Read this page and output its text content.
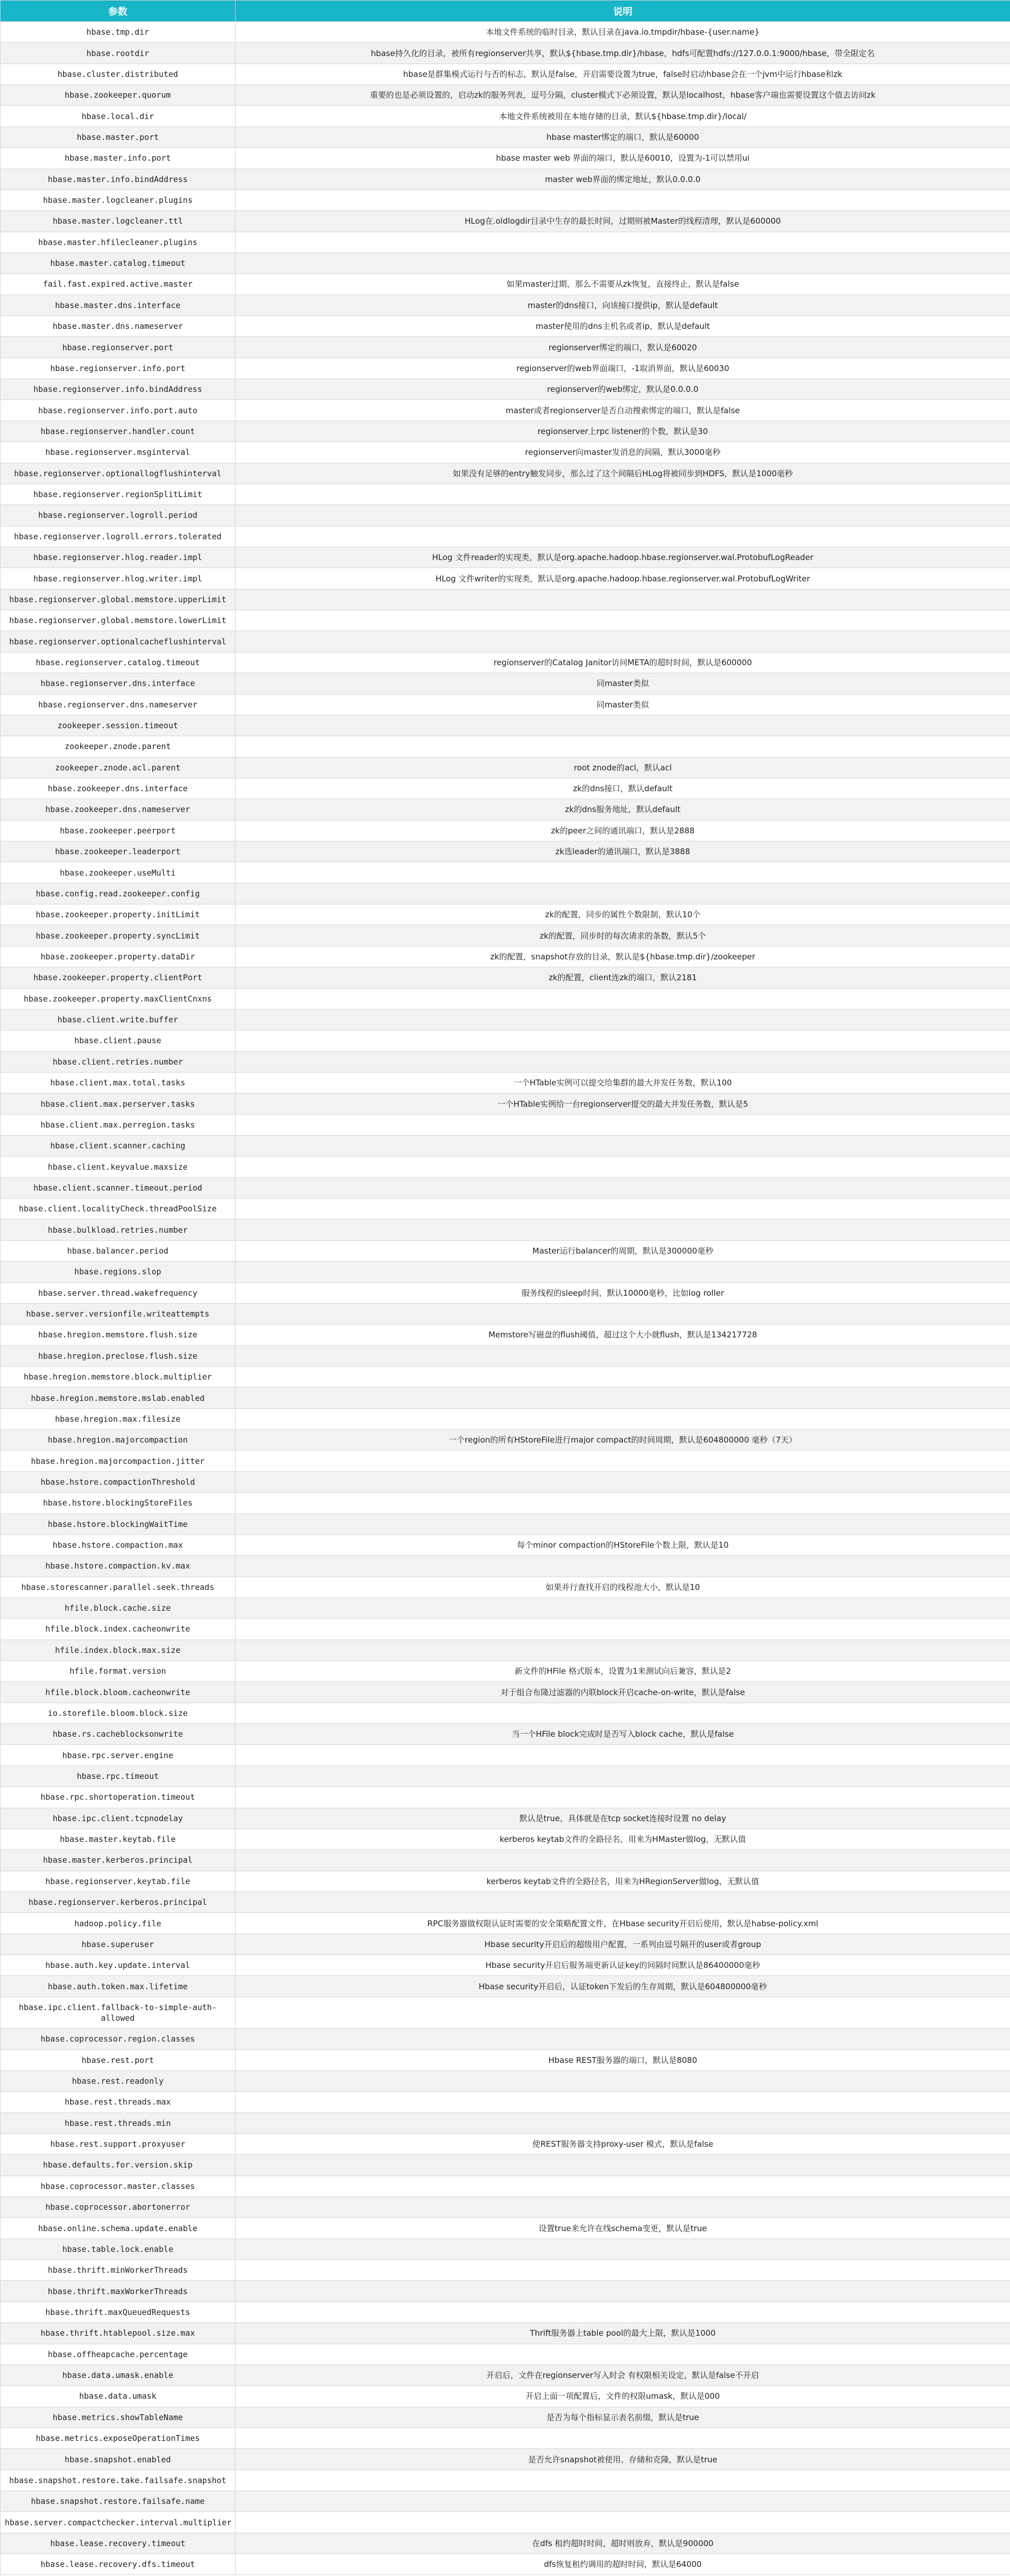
参数	说明
hbase.tmp.dir	本地文件系统的临时目录，默认目录在java.io.tmpdir/hbase-{user.name}
hbase.rootdir	hbase持久化的目录，被所有regionserver共享，默认${hbase.tmp.dir}/hbase，hdfs可配置hdfs://127.0.0.1:9000/hbase，带全限定名
hbase.cluster.distributed	hbase是群集模式运行与否的标志，默认是false，开启需要设置为true，false时启动hbase会在一个jvm中运行hbase和zk
hbase.zookeeper.quorum	重要的也是必须设置的，启动zk的服务列表，逗号分隔，cluster模式下必须设置，默认是localhost，hbase客户端也需要设置这个值去访问zk
hbase.local.dir	本地文件系统被用在本地存储的目录，默认${hbase.tmp.dir}/local/
hbase.master.port	hbase master绑定的端口，默认是60000
hbase.master.info.port	hbase master web 界面的端口，默认是60010，设置为-1可以禁用ui
hbase.master.info.bindAddress	master web界面的绑定地址，默认0.0.0.0
hbase.master.logcleaner.plugins	
hbase.master.logcleaner.ttl	HLog在.oldlogdir目录中生存的最长时间，过期则被Master的线程清理，默认是600000
hbase.master.hfilecleaner.plugins	
hbase.master.catalog.timeout	
fail.fast.expired.active.master	如果master过期，那么不需要从zk恢复，直接终止，默认是false
hbase.master.dns.interface	master的dns接口，向该接口提供ip，默认是default
hbase.master.dns.nameserver	master使用的dns主机名或者ip，默认是default
hbase.regionserver.port	regionserver绑定的端口，默认是60020
hbase.regionserver.info.port	regionserver的web界面端口，-1取消界面，默认是60030
hbase.regionserver.info.bindAddress	regionserver的web绑定，默认是0.0.0.0
hbase.regionserver.info.port.auto	master或者regionserver是否自动搜索绑定的端口，默认是false
hbase.regionserver.handler.count	regionserver上rpc listener的个数，默认是30
hbase.regionserver.msginterval	regionserver向master发消息的间隔，默认3000毫秒
hbase.regionserver.optionallogflushinterval	如果没有足够的entry触发同步，那么过了这个间隔后HLog将被同步到HDFS，默认是1000毫秒
hbase.regionserver.regionSplitLimit	
hbase.regionserver.logroll.period	
hbase.regionserver.logroll.errors.tolerated	
hbase.regionserver.hlog.reader.impl	HLog 文件reader的实现类，默认是org.apache.hadoop.hbase.regionserver.wal.ProtobufLogReader
hbase.regionserver.hlog.writer.impl	HLog 文件writer的实现类，默认是org.apache.hadoop.hbase.regionserver.wal.ProtobufLogWriter
hbase.regionserver.global.memstore.upperLimit	
hbase.regionserver.global.memstore.lowerLimit	
hbase.regionserver.optionalcacheflushinterval	
hbase.regionserver.catalog.timeout	regionserver的Catalog Janitor访问META的超时时间，默认是600000
hbase.regionserver.dns.interface	同master类似
hbase.regionserver.dns.nameserver	同master类似
zookeeper.session.timeout	
zookeeper.znode.parent	
zookeeper.znode.acl.parent	root znode的acl，默认acl
hbase.zookeeper.dns.interface	zk的dns接口，默认default
hbase.zookeeper.dns.nameserver	zk的dns服务地址，默认default
hbase.zookeeper.peerport	zk的peer之间的通讯端口，默认是2888
hbase.zookeeper.leaderport	zk选leader的通讯端口，默认是3888
hbase.zookeeper.useMulti	
hbase.config.read.zookeeper.config	
hbase.zookeeper.property.initLimit	zk的配置，同步的属性个数限制，默认10个
hbase.zookeeper.property.syncLimit	zk的配置，同步时的每次请求的条数，默认5个
hbase.zookeeper.property.dataDir	zk的配置，snapshot存放的目录，默认是${hbase.tmp.dir}/zookeeper
hbase.zookeeper.property.clientPort	zk的配置，client连zk的端口，默认2181
hbase.zookeeper.property.maxClientCnxns	
hbase.client.write.buffer	
hbase.client.pause	
hbase.client.retries.number	
hbase.client.max.total.tasks	一个HTable实例可以提交给集群的最大并发任务数，默认100
hbase.client.max.perserver.tasks	一个HTable实例给一台regionserver提交的最大并发任务数，默认是5
hbase.client.max.perregion.tasks	
hbase.client.scanner.caching	
hbase.client.keyvalue.maxsize	
hbase.client.scanner.timeout.period	
hbase.client.localityCheck.threadPoolSize	
hbase.bulkload.retries.number	
hbase.balancer.period	Master运行balancer的周期，默认是300000毫秒
hbase.regions.slop	
hbase.server.thread.wakefrequency	服务线程的sleep时间，默认10000毫秒，比如log roller
hbase.server.versionfile.writeattempts	
hbase.hregion.memstore.flush.size	Memstore写磁盘的flush阈值，超过这个大小就flush，默认是134217728
hbase.hregion.preclose.flush.size	
hbase.hregion.memstore.block.multiplier	
hbase.hregion.memstore.mslab.enabled	
hbase.hregion.max.filesize	
hbase.hregion.majorcompaction	一个region的所有HStoreFile进行major compact的时间周期，默认是604800000 毫秒（7天）
hbase.hregion.majorcompaction.jitter	
hbase.hstore.compactionThreshold	
hbase.hstore.blockingStoreFiles	
hbase.hstore.blockingWaitTime	
hbase.hstore.compaction.max	每个minor compaction的HStoreFile个数上限，默认是10
hbase.hstore.compaction.kv.max	
hbase.storescanner.parallel.seek.threads	如果并行查找开启的线程池大小，默认是10
hfile.block.cache.size	
hfile.block.index.cacheonwrite	
hfile.index.block.max.size	
hfile.format.version	新文件的HFile 格式版本，设置为1来测试向后兼容，默认是2
hfile.block.bloom.cacheonwrite	对于组合布隆过滤器的内联block开启cache-on-write，默认是false
io.storefile.bloom.block.size	
hbase.rs.cacheblocksonwrite	当一个HFile block完成时是否写入block cache，默认是false
hbase.rpc.server.engine	
hbase.rpc.timeout	
hbase.rpc.shortoperation.timeout	
hbase.ipc.client.tcpnodelay	默认是true，具体就是在tcp socket连接时设置 no delay
hbase.master.keytab.file	kerberos keytab文件的全路径名，用来为HMaster做log，无默认值
hbase.master.kerberos.principal	
hbase.regionserver.keytab.file	kerberos keytab文件的全路径名，用来为HRegionServer做log，无默认值
hbase.regionserver.kerberos.principal	
hadoop.policy.file	RPC服务器做权限认证时需要的安全策略配置文件，在Hbase security开启后使用，默认是habse-policy.xml
hbase.superuser	Hbase security开启后的超级用户配置，一系列由逗号隔开的user或者group
hbase.auth.key.update.interval	Hbase security开启后服务端更新认证key的间隔时间默认是86400000毫秒
hbase.auth.token.max.lifetime	Hbase security开启后，认证token下发后的生存周期，默认是604800000毫秒
hbase.ipc.client.fallback-to-simple-auth-allowed	
hbase.coprocessor.region.classes	
hbase.rest.port	Hbase REST服务器的端口，默认是8080
hbase.rest.readonly	
hbase.rest.threads.max	
hbase.rest.threads.min	
hbase.rest.support.proxyuser	使REST服务器支持proxy-user 模式，默认是false
hbase.defaults.for.version.skip	
hbase.coprocessor.master.classes	
hbase.coprocessor.abortonerror	
hbase.online.schema.update.enable	设置true来允许在线schema变更，默认是true
hbase.table.lock.enable	
hbase.thrift.minWorkerThreads	
hbase.thrift.maxWorkerThreads	
hbase.thrift.maxQueuedRequests	
hbase.thrift.htablepool.size.max	Thrift服务器上table pool的最大上限，默认是1000
hbase.offheapcache.percentage	
hbase.data.umask.enable	开启后，文件在regionserver写入时会 有权限相关设定，默认是false不开启
hbase.data.umask	开启上面一项配置后，文件的权限umask，默认是000
hbase.metrics.showTableName	是否为每个指标显示表名前缀，默认是true
hbase.metrics.exposeOperationTimes	
hbase.snapshot.enabled	是否允许snapshot被使用、存储和克隆，默认是true
hbase.snapshot.restore.take.failsafe.snapshot	
hbase.snapshot.restore.failsafe.name	
hbase.server.compactchecker.interval.multiplier	
hbase.lease.recovery.timeout	在dfs 租约超时时间，超时则放弃，默认是900000
hbase.lease.recovery.dfs.timeout	dfs恢复租约调用的超时时间，默认是64000
